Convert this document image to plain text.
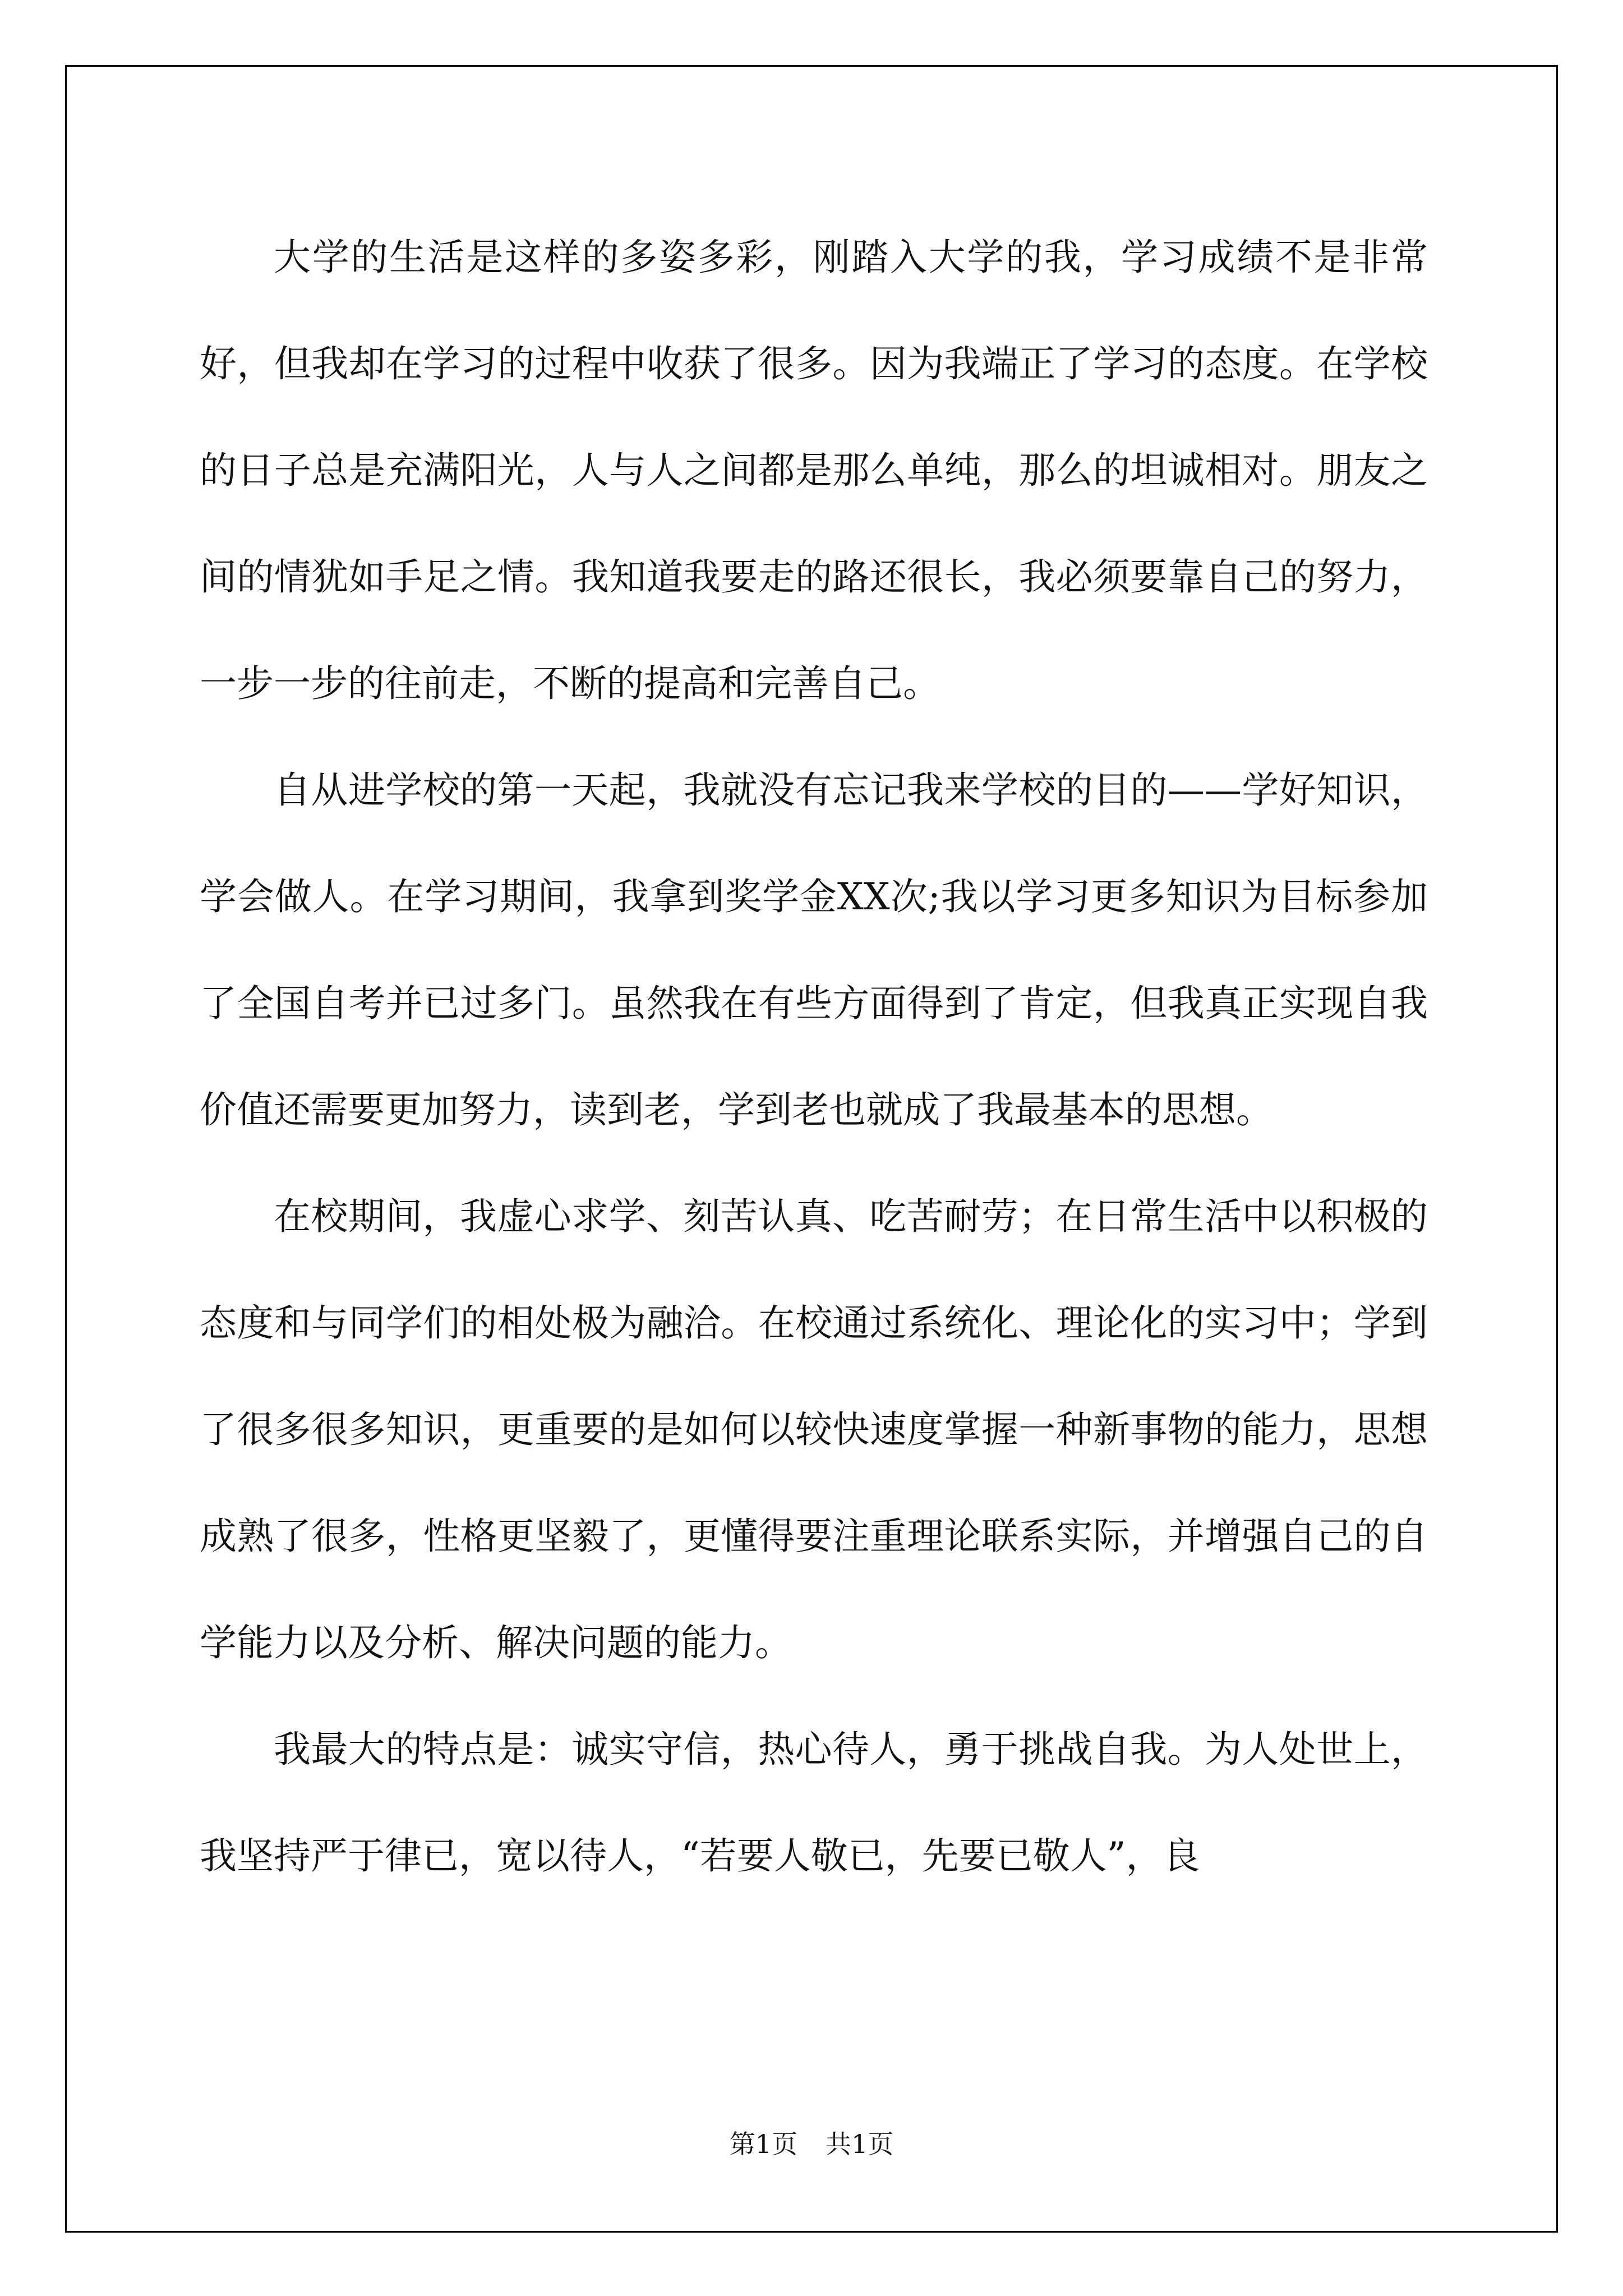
大学的生活是这样的多姿多彩，刚踏入大学的我，学习成绩不是非常好，但我却在学习的过程中收获了很多。因为我端正了学习的态度。在学校的日子总是充满阳光，人与人之间都是那么单纯，那么的坦诚相对。朋友之间的情犹如手足之情。我知道我要走的路还很长，我必须要靠自己的努力，一步一步的往前走，不断的提高和完善自己。

自从进学校的第一天起，我就没有忘记我来学校的目的——学好知识，学会做人。在学习期间，我拿到奖学金XX次;我以学习更多知识为目标参加了全国自考并已过多门。虽然我在有些方面得到了肯定，但我真正实现自我价值还需要更加努力，读到老，学到老也就成了我最基本的思想。

在校期间，我虚心求学、刻苦认真、吃苦耐劳；在日常生活中以积极的态度和与同学们的相处极为融洽。在校通过系统化、理论化的实习中；学到了很多很多知识，更重要的是如何以较快速度掌握一种新事物的能力，思想成熟了很多，性格更坚毅了，更懂得要注重理论联系实际，并增强自己的自学能力以及分析、解决问题的能力。

我最大的特点是：诚实守信，热心待人，勇于挑战自我。为人处世上，我坚持严于律已，宽以待人，“若要人敬已，先要已敬人”，良

第1页 共1页
